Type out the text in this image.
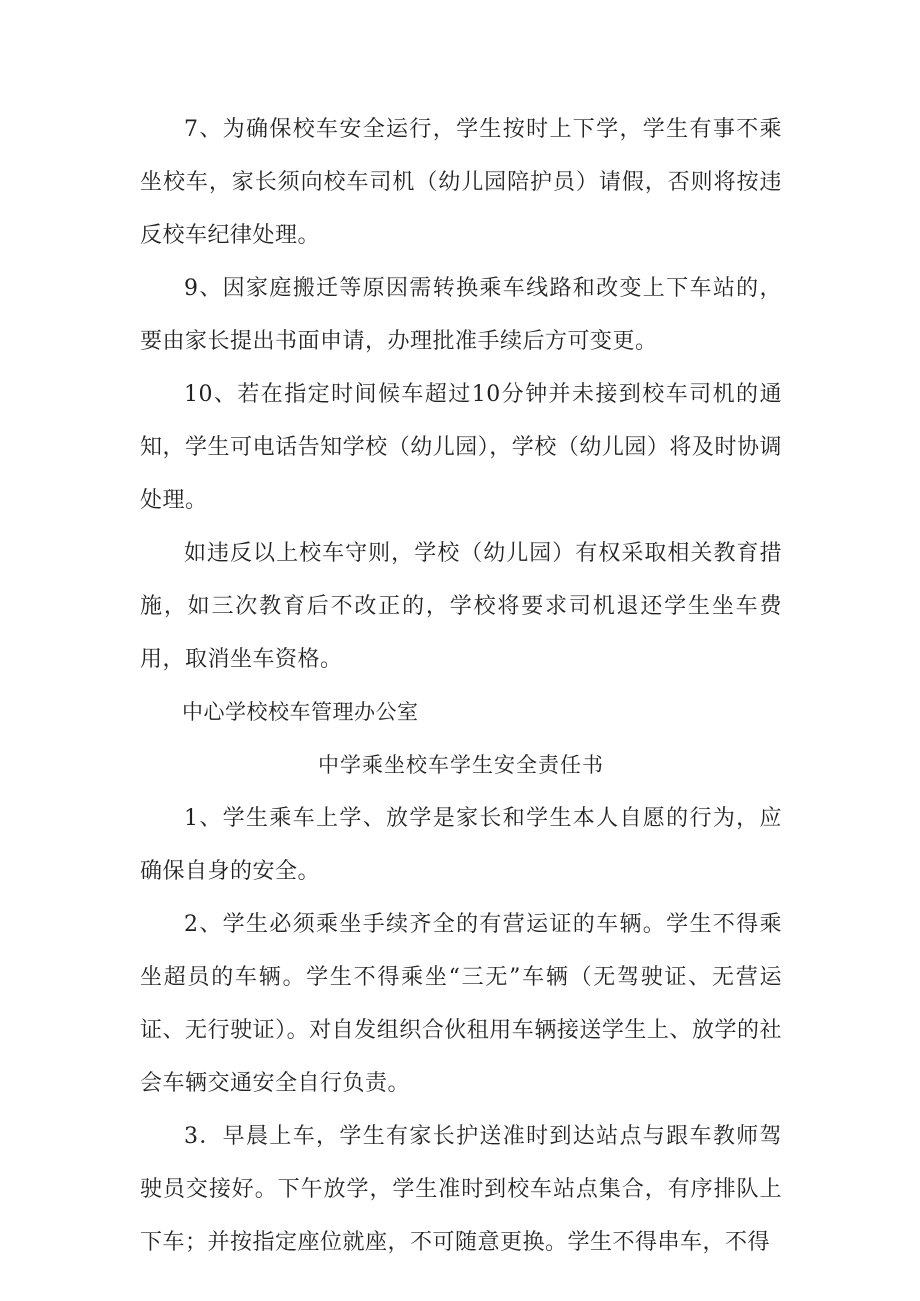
7、为确保校车安全运行，学生按时上下学，学生有事不乘坐校车，家长须向校车司机（幼儿园陪护员）请假，否则将按违反校车纪律处理。

9、因家庭搬迁等原因需转换乘车线路和改变上下车站的，要由家长提出书面申请，办理批准手续后方可变更。

10、若在指定时间候车超过10分钟并未接到校车司机的通知，学生可电话告知学校（幼儿园），学校（幼儿园）将及时协调处理。

如违反以上校车守则，学校（幼儿园）有权采取相关教育措施，如三次教育后不改正的，学校将要求司机退还学生坐车费用，取消坐车资格。

中心学校校车管理办公室

中学乘坐校车学生安全责任书

1、学生乘车上学、放学是家长和学生本人自愿的行为，应确保自身的安全。

2、学生必须乘坐手续齐全的有营运证的车辆。学生不得乘坐超员的车辆。学生不得乘坐“三无”车辆（无驾驶证、无营运证、无行驶证）。对自发组织合伙租用车辆接送学生上、放学的社会车辆交通安全自行负责。

3．早晨上车，学生有家长护送准时到达站点与跟车教师驾驶员交接好。下午放学，学生准时到校车站点集合，有序排队上下车；并按指定座位就座，不可随意更换。学生不得串车，不得
